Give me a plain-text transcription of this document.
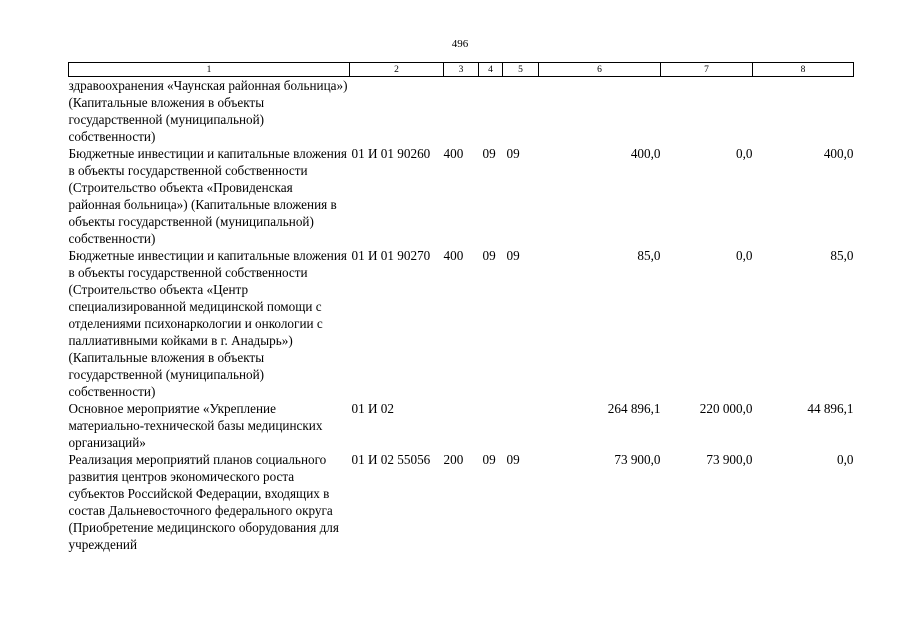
496
1	2	3	4	5	6	7	8
здравоохранения «Чаунская районная больница») (Капитальные вложения в объекты государственной (муниципальной) собственности)							
Бюджетные инвестиции и капитальные вложения в объекты государственной собственности (Строительство объекта «Провиденская районная больница») (Капитальные вложения в объекты государственной (муниципальной) собственности)	01 И 01 90260	400	09	09	400,0	0,0	400,0
Бюджетные инвестиции и капитальные вложения в объекты государственной собственности (Строительство объекта «Центр специализированной медицинской помощи с отделениями психонаркологии и онкологии с паллиативными койками в г. Анадырь») (Капитальные вложения в объекты государственной (муниципальной) собственности)	01 И 01 90270	400	09	09	85,0	0,0	85,0
Основное мероприятие «Укрепление материально-технической базы медицинских организаций»	01 И 02				264 896,1	220 000,0	44 896,1
Реализация мероприятий планов социального развития центров экономического роста субъектов Российской Федерации, входящих в состав Дальневосточного федерального округа (Приобретение медицинского оборудования для учреждений	01 И 02 55056	200	09	09	73 900,0	73 900,0	0,0
